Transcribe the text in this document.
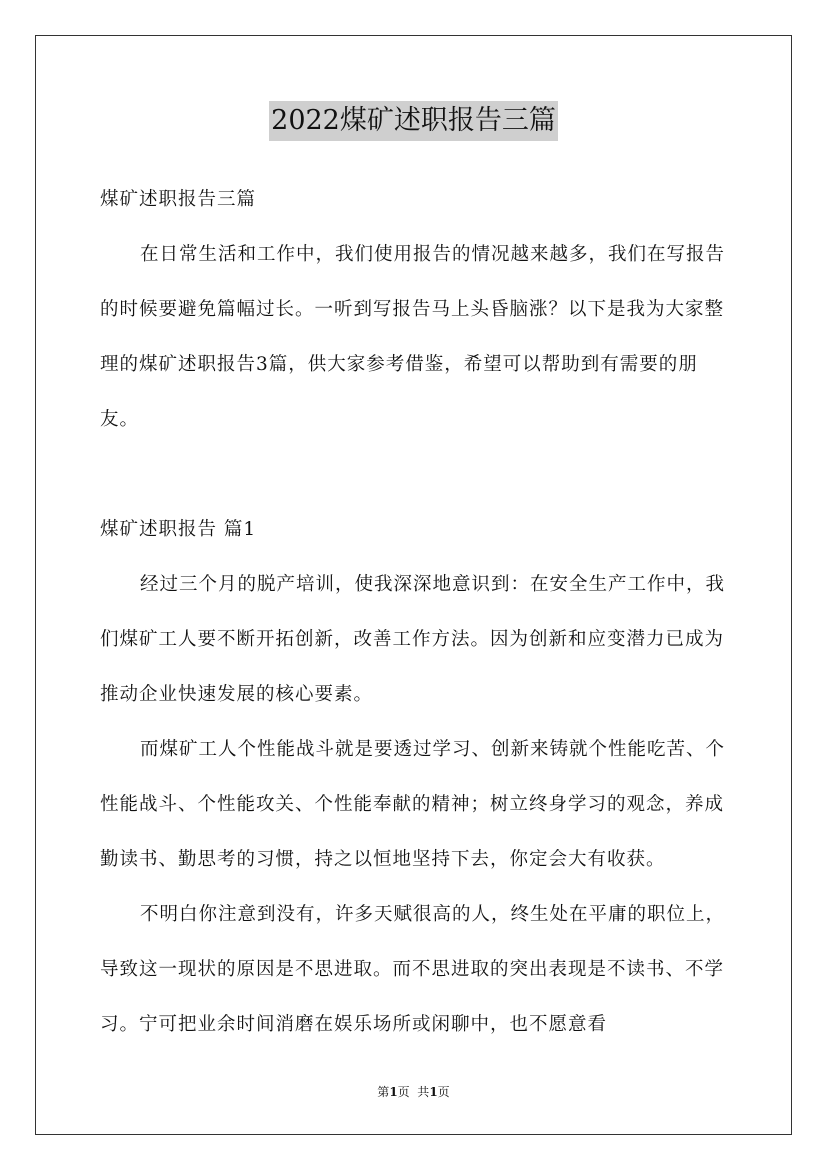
2022煤矿述职报告三篇

煤矿述职报告三篇

在日常生活和工作中，我们使用报告的情况越来越多，我们在写报告的时候要避免篇幅过长。一听到写报告马上头昏脑涨？以下是我为大家整理的煤矿述职报告3篇，供大家参考借鉴，希望可以帮助到有需要的朋友。

煤矿述职报告 篇1

经过三个月的脱产培训，使我深深地意识到：在安全生产工作中，我们煤矿工人要不断开拓创新，改善工作方法。因为创新和应变潜力已成为推动企业快速发展的核心要素。

而煤矿工人个性能战斗就是要透过学习、创新来铸就个性能吃苦、个性能战斗、个性能攻关、个性能奉献的精神；树立终身学习的观念，养成勤读书、勤思考的习惯，持之以恒地坚持下去，你定会大有收获。

不明白你注意到没有，许多天赋很高的人，终生处在平庸的职位上，导致这一现状的原因是不思进取。而不思进取的突出表现是不读书、不学习。宁可把业余时间消磨在娱乐场所或闲聊中，也不愿意看

第1页  共1页
